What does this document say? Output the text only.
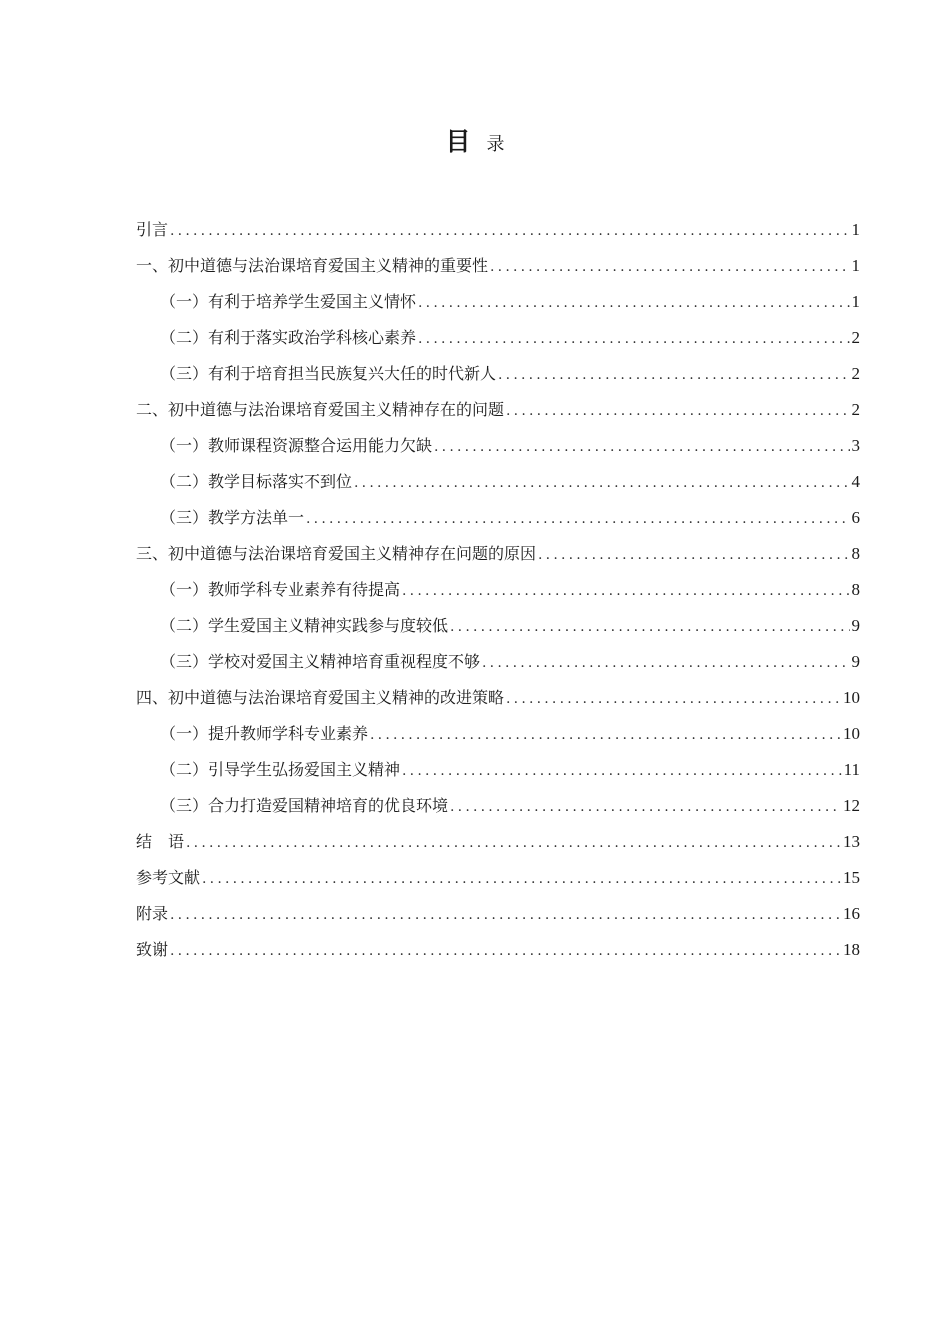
目 录
引言 .....	1
一、初中道德与法治课培育爱国主义精神的重要性 .....	1
（一）有利于培养学生爱国主义情怀 .....	1
（二）有利于落实政治学科核心素养 .....	2
（三）有利于培育担当民族复兴大任的时代新人 .....	2
二、初中道德与法治课培育爱国主义精神存在的问题 .....	2
（一）教师课程资源整合运用能力欠缺 .....	3
（二）教学目标落实不到位 .....	4
（三）教学方法单一 .....	6
三、初中道德与法治课培育爱国主义精神存在问题的原因 .....	8
（一）教师学科专业素养有待提高 .....	8
（二）学生爱国主义精神实践参与度较低 .....	9
（三）学校对爱国主义精神培育重视程度不够 .....	9
四、初中道德与法治课培育爱国主义精神的改进策略 .....	10
（一）提升教师学科专业素养 .....	10
（二）引导学生弘扬爱国主义精神 .....	11
（三）合力打造爱国精神培育的优良环境 .....	12
结　语 .....	13
参考文献 .....	15
附录 .....	16
致谢 .....	18
